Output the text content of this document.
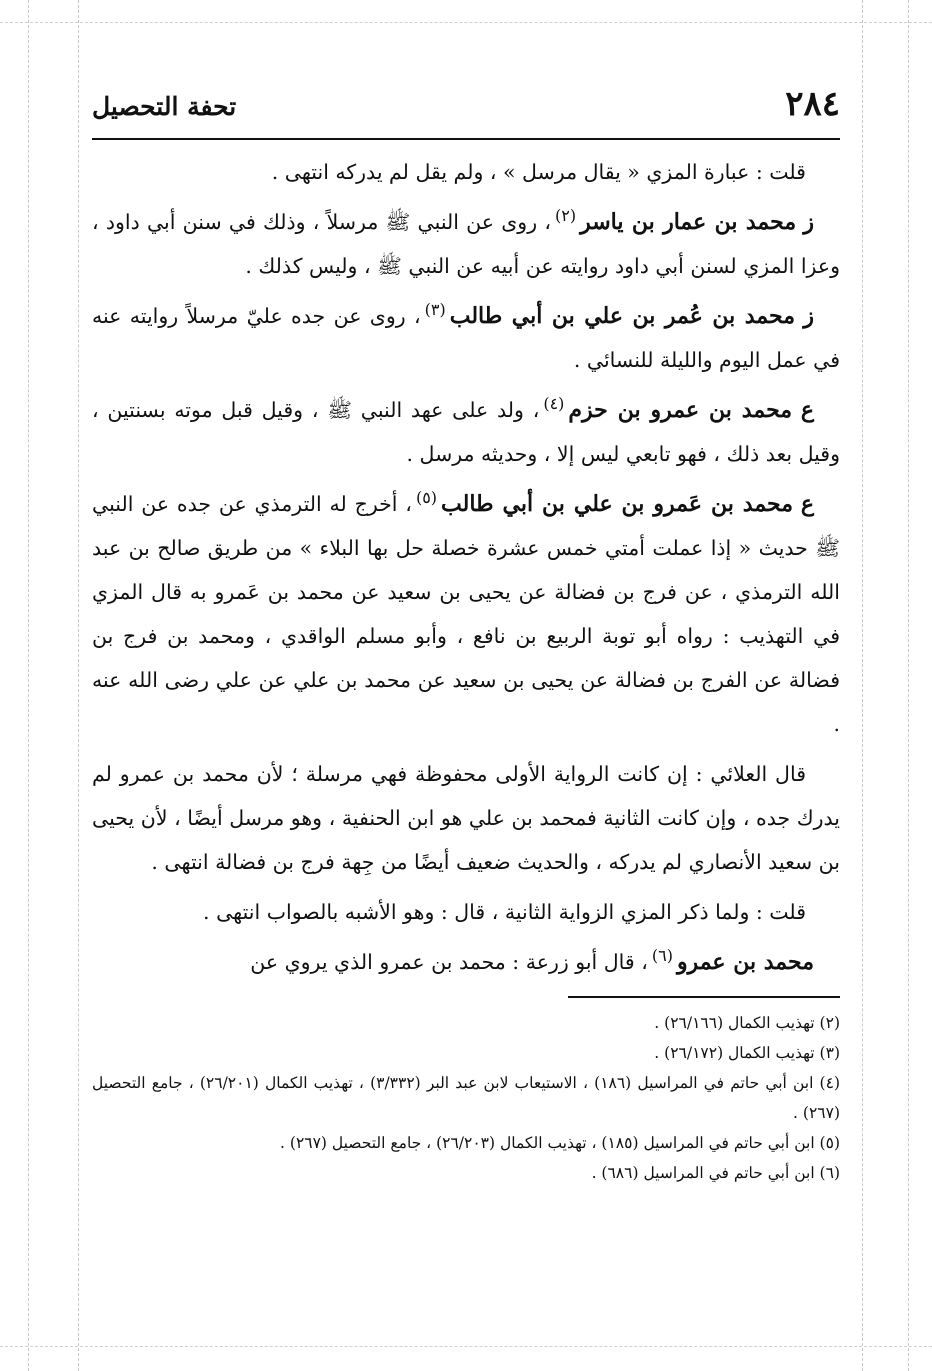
٢٨٤
تحفة التحصيل

قلت : عبارة المزي « يقال مرسل » ، ولم يقل لم يدركه انتهى .

ز محمد بن عمار بن ياسر$^{(٢)}$، روى عن النبي ﷺ مرسلاً ، وذلك في سنن أبي داود ، وعزا المزي لسنن أبي داود روايته عن أبيه عن النبي ﷺ ، وليس كذلك .

ز محمد بن عُمر بن علي بن أبي طالب$^{(٣)}$، روى عن جده عليّ مرسلاً روايته عنه في عمل اليوم والليلة للنسائي .

ع محمد بن عمرو بن حزم$^{(٤)}$، ولد على عهد النبي ﷺ ، وقيل قبل موته بسنتين ، وقيل بعد ذلك ، فهو تابعي ليس إلا ، وحديثه مرسل .

ع محمد بن عَمرو بن علي بن أبي طالب$^{(٥)}$، أخرج له الترمذي عن جده عن النبي ﷺ حديث « إذا عملت أمتي خمس عشرة خصلة حل بها البلاء » من طريق صالح بن عبد الله الترمذي ، عن فرج بن فضالة عن يحيى بن سعيد عن محمد بن عَمرو به قال المزي في التهذيب : رواه أبو توبة الربيع بن نافع ، وأبو مسلم الواقدي ، ومحمد بن فرج بن فضالة عن الفرج بن فضالة عن يحيى بن سعيد عن محمد بن علي عن علي رضى الله عنه .

قال العلائي : إن كانت الرواية الأولى محفوظة فهي مرسلة ؛ لأن محمد بن عمرو لم يدرك جده ، وإن كانت الثانية فمحمد بن علي هو ابن الحنفية ، وهو مرسل أيضًا ، لأن يحيى بن سعيد الأنصاري لم يدركه ، والحديث ضعيف أيضًا من جِهة فرج بن فضالة انتهى .

قلت : ولما ذكر المزي الزواية الثانية ، قال : وهو الأشبه بالصواب انتهى .

محمد بن عمرو$^{(٦)}$، قال أبو زرعة : محمد بن عمرو الذي يروي عن

(٢) تهذيب الكمال (٢٦/١٦٦) .

(٣) تهذيب الكمال (٢٦/١٧٢) .

(٤) ابن أبي حاتم في المراسيل (١٨٦) ، الاستيعاب لابن عبد البر (٣/٣٣٢) ، تهذيب الكمال (٢٦/٢٠١) ، جامع التحصيل (٢٦٧) .

(٥) ابن أبي حاتم في المراسيل (١٨٥) ، تهذيب الكمال (٢٦/٢٠٣) ، جامع التحصيل (٢٦٧) .

(٦) ابن أبي حاتم في المراسيل (٦٨٦) .
